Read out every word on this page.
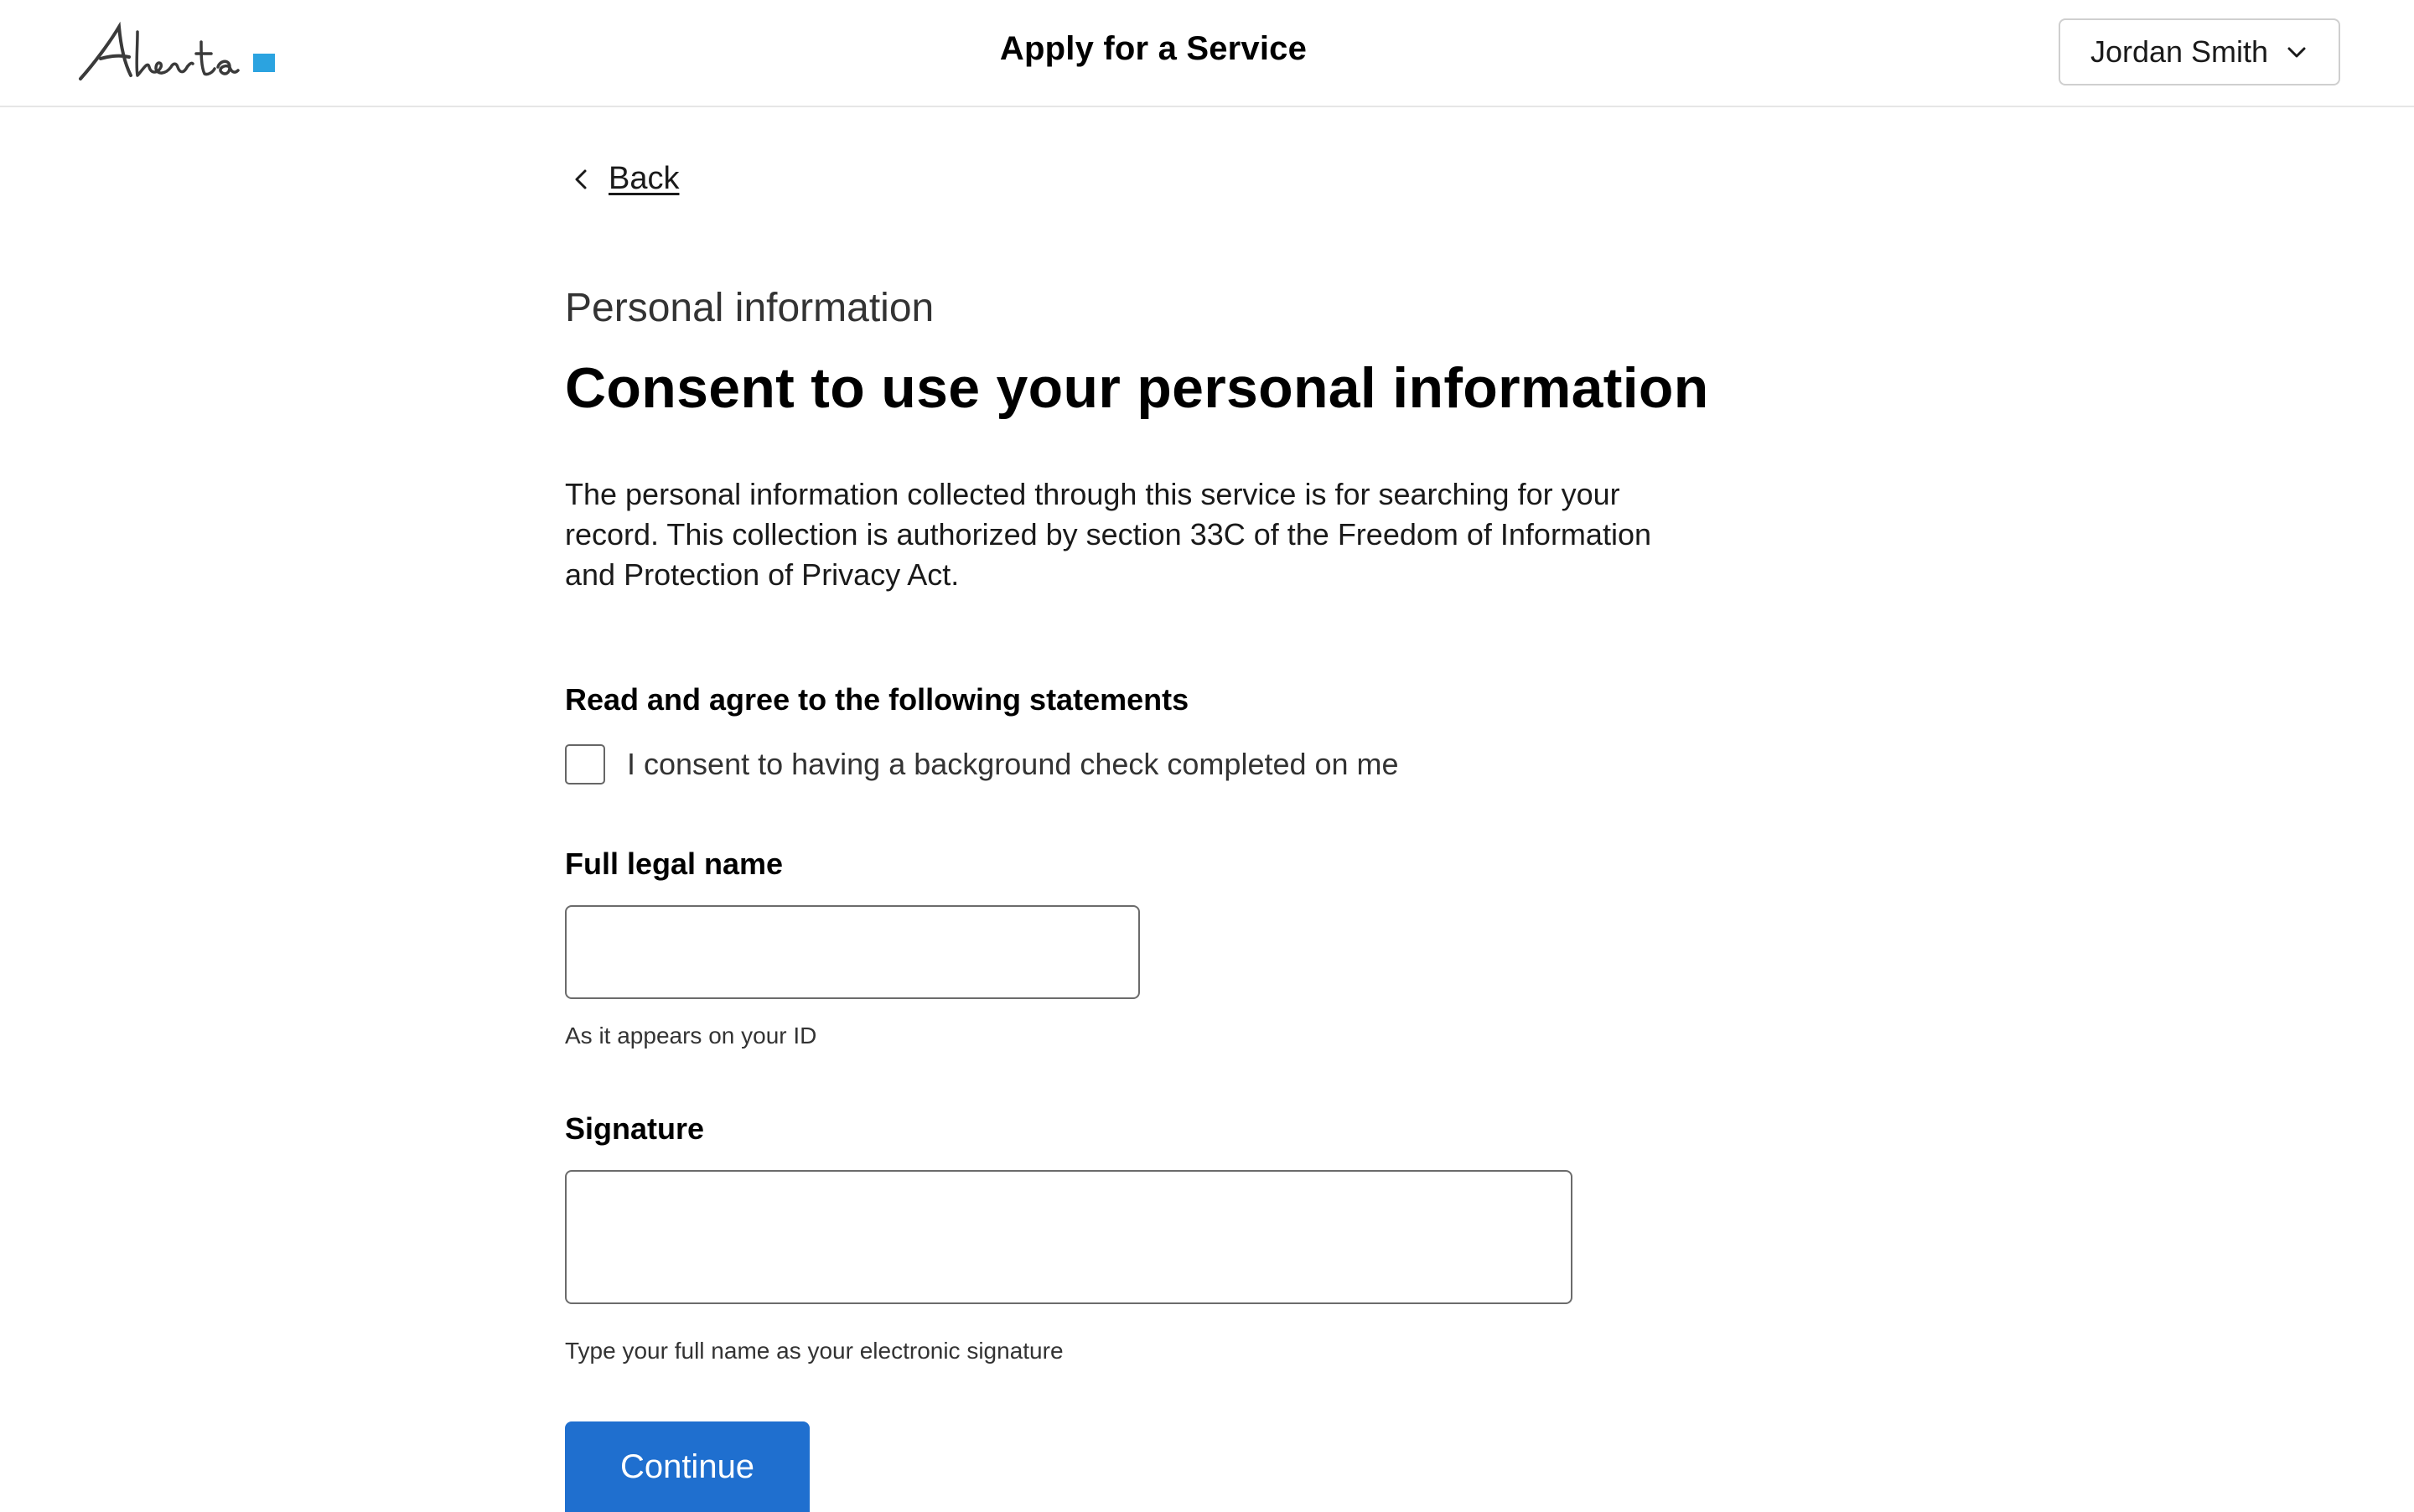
Apply for a Service	Jordan Smith
Back
Personal information
Consent to use your personal information

The personal information collected through this service is for searching for your record. This collection is authorized by section 33C of the Freedom of Information and Protection of Privacy Act.

Read and agree to the following statements
I consent to having a background check completed on me
Full legal name
As it appears on your ID
Signature
Type your full name as your electronic signature
Continue
